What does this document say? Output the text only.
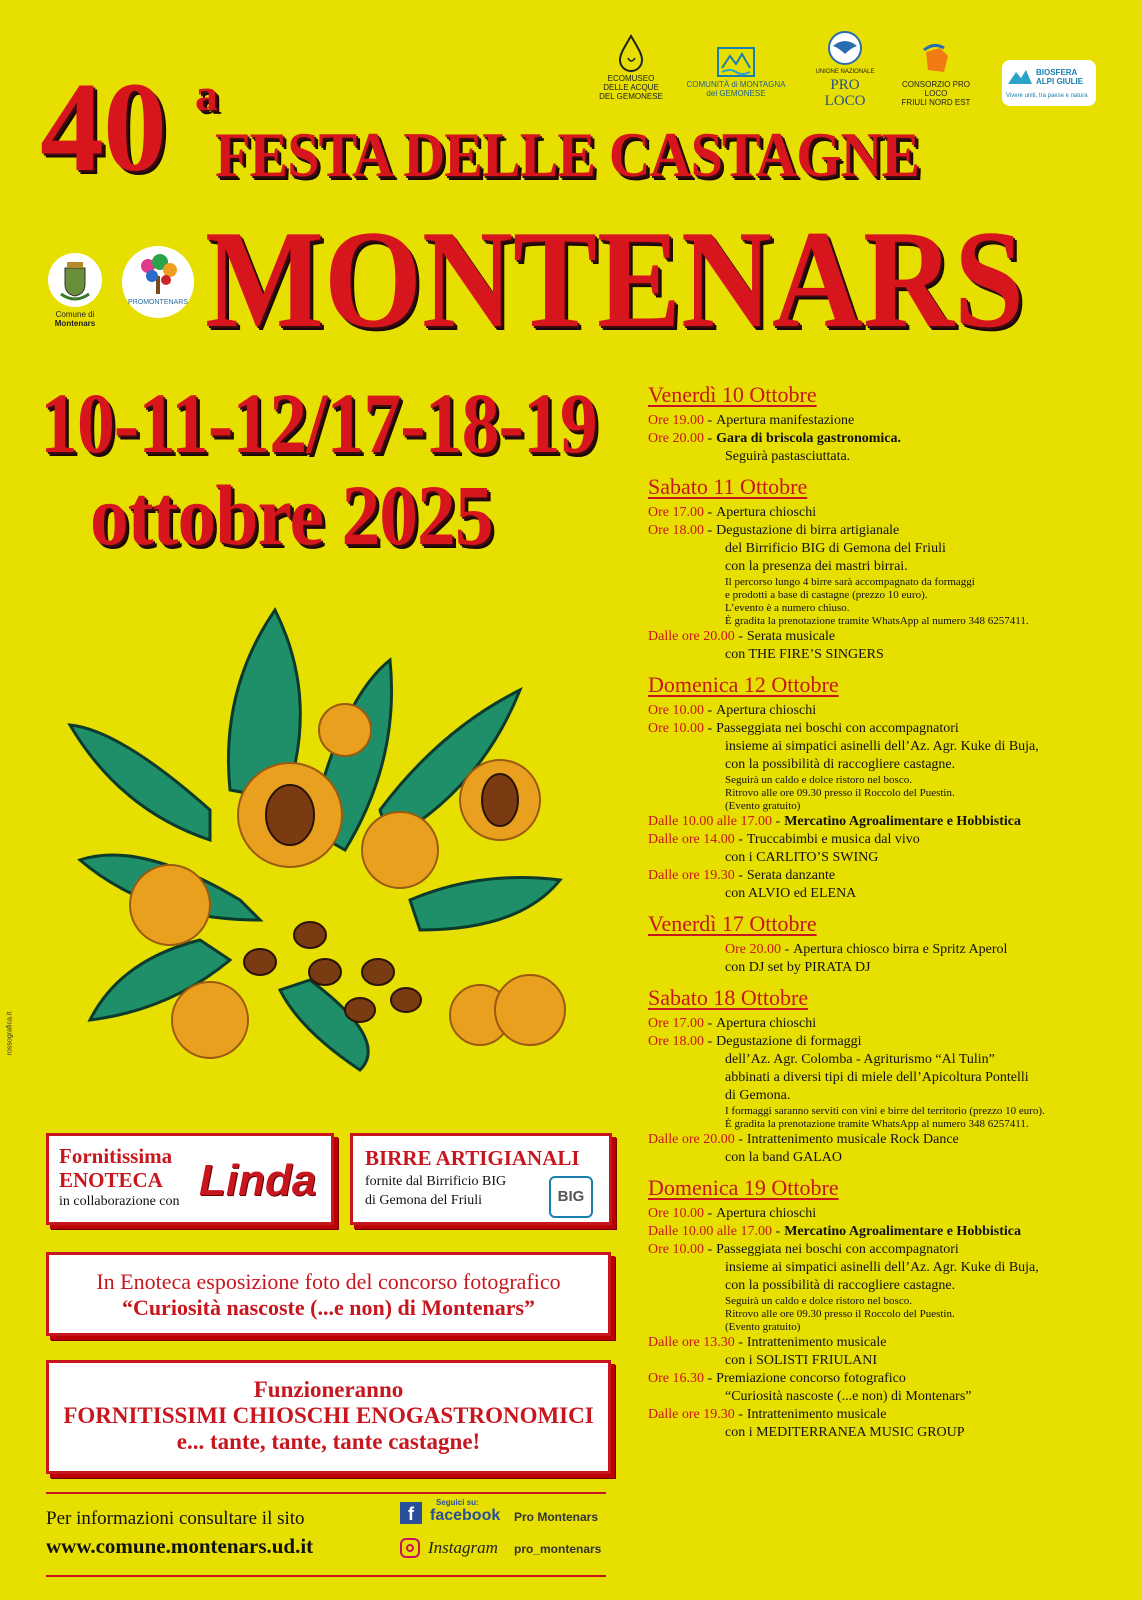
40 a
FESTA DELLE CASTAGNE
MONTENARS
10-11-12/17-18-19
ottobre 2025
ECOMUSEO
DELLE ACQUE
DEL GEMONESE
COMUNITÀ di MONTAGNA
del GEMONESE
UNIONE NAZIONALE
PRO LOCO
CONSORZIO PRO LOCO
FRIULI NORD EST
BIOSFERA
ALPI GIULIE
Vivere uniti, tra paese e natura
Comune di
Montenars
PROMONTENARS
rossografica.it
Venerdì 10 Ottobre
Ore 19.00 - Apertura manifestazione
Ore 20.00 - Gara di briscola gastronomica.
Seguirà pastasciuttata.
Sabato 11 Ottobre
Ore 17.00 - Apertura chioschi
Ore 18.00 - Degustazione di birra artigianale
del Birrificio BIG di Gemona del Friuli
con la presenza dei mastri birrai.
Il percorso lungo 4 birre sarà accompagnato da formaggi
e prodotti a base di castagne (prezzo 10 euro).
L’evento è a numero chiuso.
È gradita la prenotazione tramite WhatsApp al numero 348 6257411.
Dalle ore 20.00 - Serata musicale
con THE FIRE’S SINGERS
Domenica 12 Ottobre
Ore 10.00 - Apertura chioschi
Ore 10.00 - Passeggiata nei boschi con accompagnatori
insieme ai simpatici asinelli dell’Az. Agr. Kuke di Buja,
con la possibilità di raccogliere castagne.
Seguirà un caldo e dolce ristoro nel bosco.
Ritrovo alle ore 09.30 presso il Roccolo del Puestin.
(Evento gratuito)
Dalle 10.00 alle 17.00 - Mercatino Agroalimentare e Hobbistica
Dalle ore 14.00 - Truccabimbi e musica dal vivo
con i CARLITO’S SWING
Dalle ore 19.30 - Serata danzante
con ALVIO ed ELENA
Venerdì 17 Ottobre
Ore 20.00 - Apertura chiosco birra e Spritz Aperol
con DJ set by PIRATA DJ
Sabato 18 Ottobre
Ore 17.00 - Apertura chioschi
Ore 18.00 - Degustazione di formaggi
dell’Az. Agr. Colomba - Agriturismo “Al Tulin”
abbinati a diversi tipi di miele dell’Apicoltura Pontelli
di Gemona.
I formaggi saranno serviti con vini e birre del territorio (prezzo 10 euro).
È gradita la prenotazione tramite WhatsApp al numero 348 6257411.
Dalle ore 20.00 - Intrattenimento musicale Rock Dance
con la band GALAO
Domenica 19 Ottobre
Ore 10.00 - Apertura chioschi
Dalle 10.00 alle 17.00 - Mercatino Agroalimentare e Hobbistica
Ore 10.00 - Passeggiata nei boschi con accompagnatori
insieme ai simpatici asinelli dell’Az. Agr. Kuke di Buja,
con la possibilità di raccogliere castagne.
Seguirà un caldo e dolce ristoro nel bosco.
Ritrovo alle ore 09.30 presso il Roccolo del Puestin.
(Evento gratuito)
Dalle ore 13.30 - Intrattenimento musicale
con i SOLISTI FRIULANI
Ore 16.30 - Premiazione concorso fotografico
“Curiosità nascoste (...e non) di Montenars”
Dalle ore 19.30 - Intrattenimento musicale
con i MEDITERRANEA MUSIC GROUP
Fornitissima
ENOTECA
in collaborazione con Linda BIRRE ARTIGIANALI
fornite dal Birrificio BIG
di Gemona del Friuli	BIG
In Enoteca esposizione foto del concorso fotografico
“Curiosità nascoste (...e non) di Montenars”
Funzioneranno
FORNITISSIMI CHIOSCHI ENOGASTRONOMICI
e... tante, tante, tante castagne!
Per informazioni consultare il sito
www.comune.montenars.ud.it
f
Seguici su:
facebook Pro Montenars
Instagram pro_montenars
